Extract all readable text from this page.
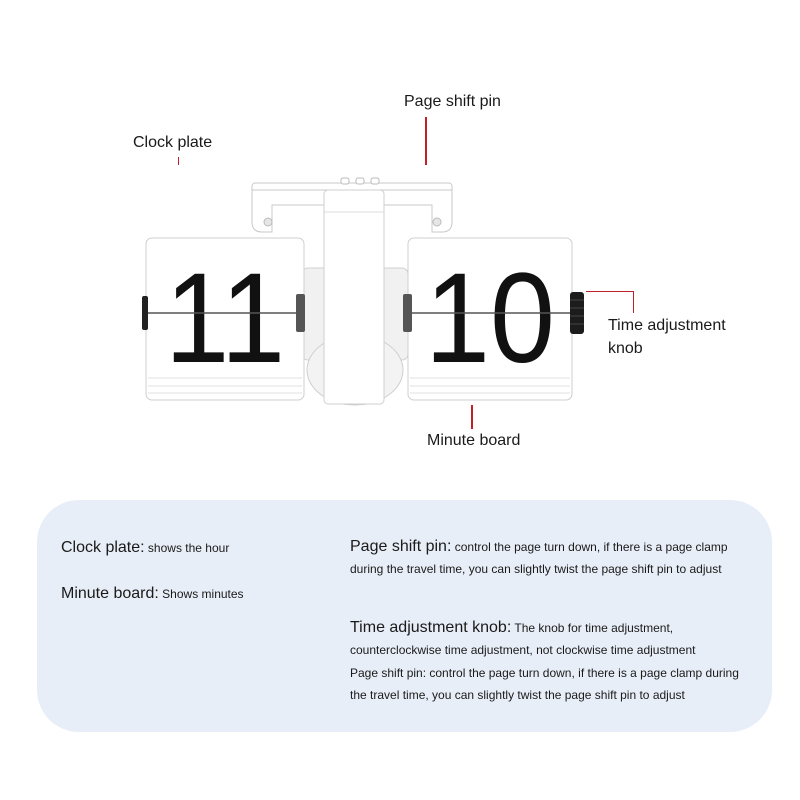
11 10
Page shift pin
Clock plate
Time adjustment
knob
Minute board
Clock plate: shows the hour
Minute board: Shows minutes
Page shift pin: control the page turn down, if there is a page clamp
during the travel time, you can slightly twist the page shift pin to adjust
Time adjustment knob: The knob for time adjustment,
counterclockwise time adjustment, not clockwise time adjustment
Page shift pin: control the page turn down, if there is a page clamp during
the travel time, you can slightly twist the page shift pin to adjust
